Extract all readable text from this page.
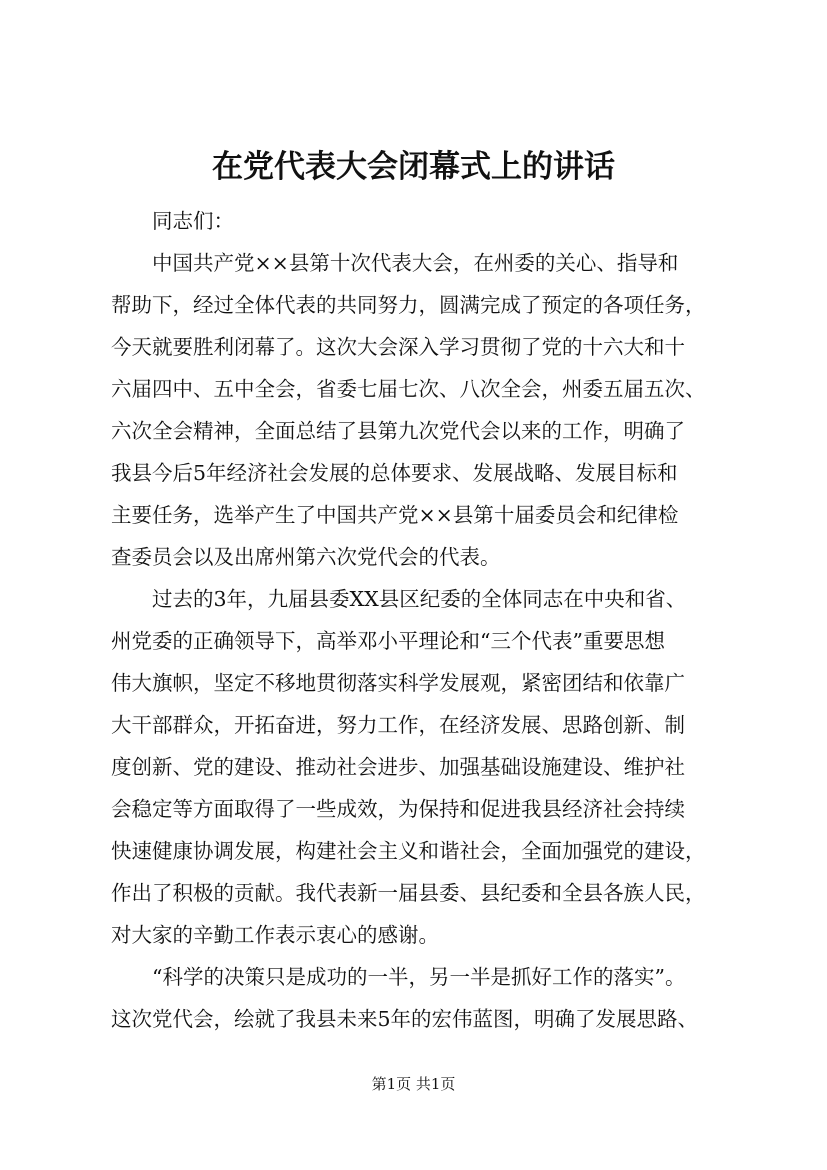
在党代表大会闭幕式上的讲话
同志们：
中国共产党××县第十次代表大会，在州委的关心、指导和
帮助下，经过全体代表的共同努力，圆满完成了预定的各项任务，
今天就要胜利闭幕了。这次大会深入学习贯彻了党的十六大和十
六届四中、五中全会，省委七届七次、八次全会，州委五届五次、
六次全会精神，全面总结了县第九次党代会以来的工作，明确了
我县今后5年经济社会发展的总体要求、发展战略、发展目标和
主要任务，选举产生了中国共产党××县第十届委员会和纪律检
查委员会以及出席州第六次党代会的代表。
过去的3年，九届县委XX县区纪委的全体同志在中央和省、
州党委的正确领导下，高举邓小平理论和“三个代表”重要思想
伟大旗帜，坚定不移地贯彻落实科学发展观，紧密团结和依靠广
大干部群众，开拓奋进，努力工作，在经济发展、思路创新、制
度创新、党的建设、推动社会进步、加强基础设施建设、维护社
会稳定等方面取得了一些成效，为保持和促进我县经济社会持续
快速健康协调发展，构建社会主义和谐社会，全面加强党的建设，
作出了积极的贡献。我代表新一届县委、县纪委和全县各族人民，
对大家的辛勤工作表示衷心的感谢。
“科学的决策只是成功的一半，另一半是抓好工作的落实”。
这次党代会，绘就了我县未来5年的宏伟蓝图，明确了发展思路、
第1页 共1页
